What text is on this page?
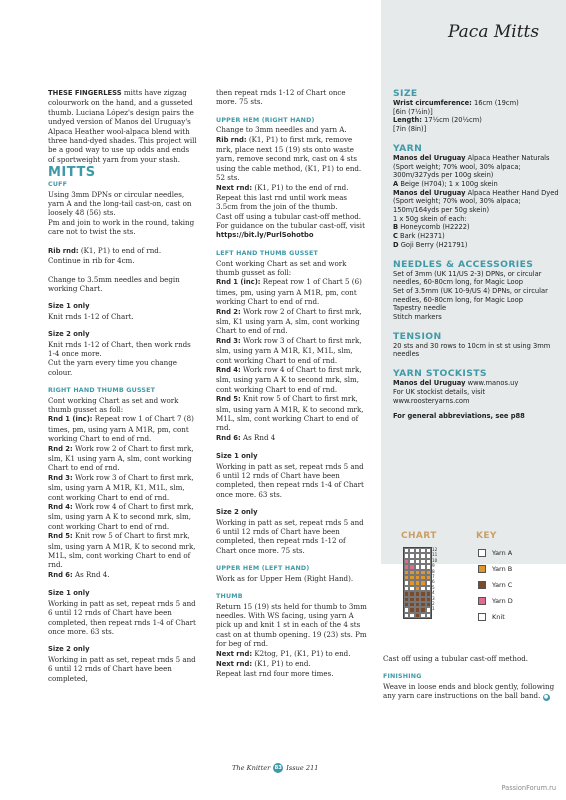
Paca Mitts

THESE FINGERLESS mitts have zigzag colourwork on the hand, and a gusseted thumb. Luciana López's design pairs the undyed version of Manos del Uruguay's Alpaca Heather wool-alpaca blend with three hand-dyed shades. This project will be a good way to use up odds and ends of sportweight yarn from your stash.

MITTS
CUFF

Using 3mm DPNs or circular needles, yarn A and the long-tail cast-on, cast on loosely 48 (56) sts.

Pm and join to work in the round, taking care not to twist the sts.

Rib rnd: (K1, P1) to end of rnd.

Continue in rib for 4cm.

Change to 3.5mm needles and begin working Chart.

Size 1 only

Knit rnds 1-12 of Chart.

Size 2 only

Knit rnds 1-12 of Chart, then work rnds 1-4 once more.

Cut the yarn every time you change colour.

RIGHT HAND THUMB GUSSET

Cont working Chart as set and work thumb gusset as foll:

Rnd 1 (inc): Repeat row 1 of Chart 7 (8) times, pm, using yarn A M1R, pm, cont working Chart to end of rnd.

Rnd 2: Work row 2 of Chart to first mrk, slm, K1 using yarn A, slm, cont working Chart to end of rnd.

Rnd 3: Work row 3 of Chart to first mrk, slm, using yarn A M1R, K1, M1L, slm, cont working Chart to end of rnd.

Rnd 4: Work row 4 of Chart to first mrk, slm, using yarn A K to second mrk, slm, cont working Chart to end of rnd.

Rnd 5: Knit row 5 of Chart to first mrk, slm, using yarn A M1R, K to second mrk, M1L, slm, cont working Chart to end of rnd.

Rnd 6: As Rnd 4.

Size 1 only

Working in patt as set, repeat rnds 5 and 6 until 12 rnds of Chart have been completed, then repeat rnds 1-4 of Chart once more. 63 sts.

Size 2 only

Working in patt as set, repeat rnds 5 and 6 until 12 rnds of Chart have been completed,

then repeat rnds 1-12 of Chart once more. 75 sts.

UPPER HEM (RIGHT HAND)

Change to 3mm needles and yarn A.

Rib rnd: (K1, P1) to first mrk, remove mrk, place next 15 (19) sts onto waste yarn, remove second mrk, cast on 4 sts using the cable method, (K1, P1) to end. 52 sts.

Next rnd: (K1, P1) to the end of rnd.

Repeat this last rnd until work meas 3.5cm from the join of the thumb.

Cast off using a tubular cast-off method. For guidance on the tubular cast-off, visit

https://bit.ly/PurlSohotbo

LEFT HAND THUMB GUSSET

Cont working Chart as set and work thumb gusset as foll:

Rnd 1 (inc): Repeat row 1 of Chart 5 (6) times, pm, using yarn A M1R, pm, cont working Chart to end of rnd.

Rnd 2: Work row 2 of Chart to first mrk, slm, K1 using yarn A, slm, cont working Chart to end of rnd.

Rnd 3: Work row 3 of Chart to first mrk, slm, using yarn A M1R, K1, M1L, slm, cont working Chart to end of rnd.

Rnd 4: Work row 4 of Chart to first mrk, slm, using yarn A K to second mrk, slm, cont working Chart to end of rnd.

Rnd 5: Knit row 5 of Chart to first mrk, slm, using yarn A M1R, K to second mrk, M1L, slm, cont working Chart to end of rnd.

Rnd 6: As Rnd 4

Size 1 only

Working in patt as set, repeat rnds 5 and 6 until 12 rnds of Chart have been completed, then repeat rnds 1-4 of Chart once more. 63 sts.

Size 2 only

Working in patt as set, repeat rnds 5 and 6 until 12 rnds of Chart have been completed, then repeat rnds 1-12 of Chart once more. 75 sts.

UPPER HEM (LEFT HAND)

Work as for Upper Hem (Right Hand).

THUMB

Return 15 (19) sts held for thumb to 3mm needles. With WS facing, using yarn A pick up and knit 1 st in each of the 4 sts cast on at thumb opening. 19 (23) sts. Pm for beg of rnd.

Next rnd: K2tog, P1, (K1, P1) to end.

Next rnd: (K1, P1) to end.

Repeat last rnd four more times.

SIZE

Wrist circumference: 16cm (19cm)

[6in (7½in)]

Length: 17½cm (20½cm)

[7in (8in)]

YARN

Manos del Uruguay Alpaca Heather Naturals (Sport weight; 70% wool, 30% alpaca; 300m/327yds per 100g skein)

A Beige (H704); 1 x 100g skein

Manos del Uruguay Alpaca Heather Hand Dyed (Sport weight; 70% wool, 30% alpaca; 150m/164yds per 50g skein)

1 x 50g skein of each:

B Honeycomb (H2222)

C Bark (H2371)

D Goji Berry (H21791)

NEEDLES & ACCESSORIES

Set of 3mm (UK 11/US 2-3) DPNs, or circular needles, 60-80cm long, for Magic Loop

Set of 3.5mm (UK 10-9/US 4) DPNs, or circular needles, 60-80cm long, for Magic Loop

Tapestry needle

Stitch markers

TENSION

20 sts and 30 rows to 10cm in st st using 3mm needles

YARN STOCKISTS

Manos del Uruguay www.manos.uy

For UK stockist details, visit www.roosteryarns.com

For general abbreviations, see p88

CHART	KEY
12
11
10
9
8
7
6
5
4
3
2
1
Yarn A
Yarn B
Yarn C
Yarn D
Knit

Cast off using a tubular cast-off method.

FINISHING

Weave in loose ends and block gently, following any yarn care instructions on the ball band. ●

The Knitter 83 Issue 211
PassionForum.ru
